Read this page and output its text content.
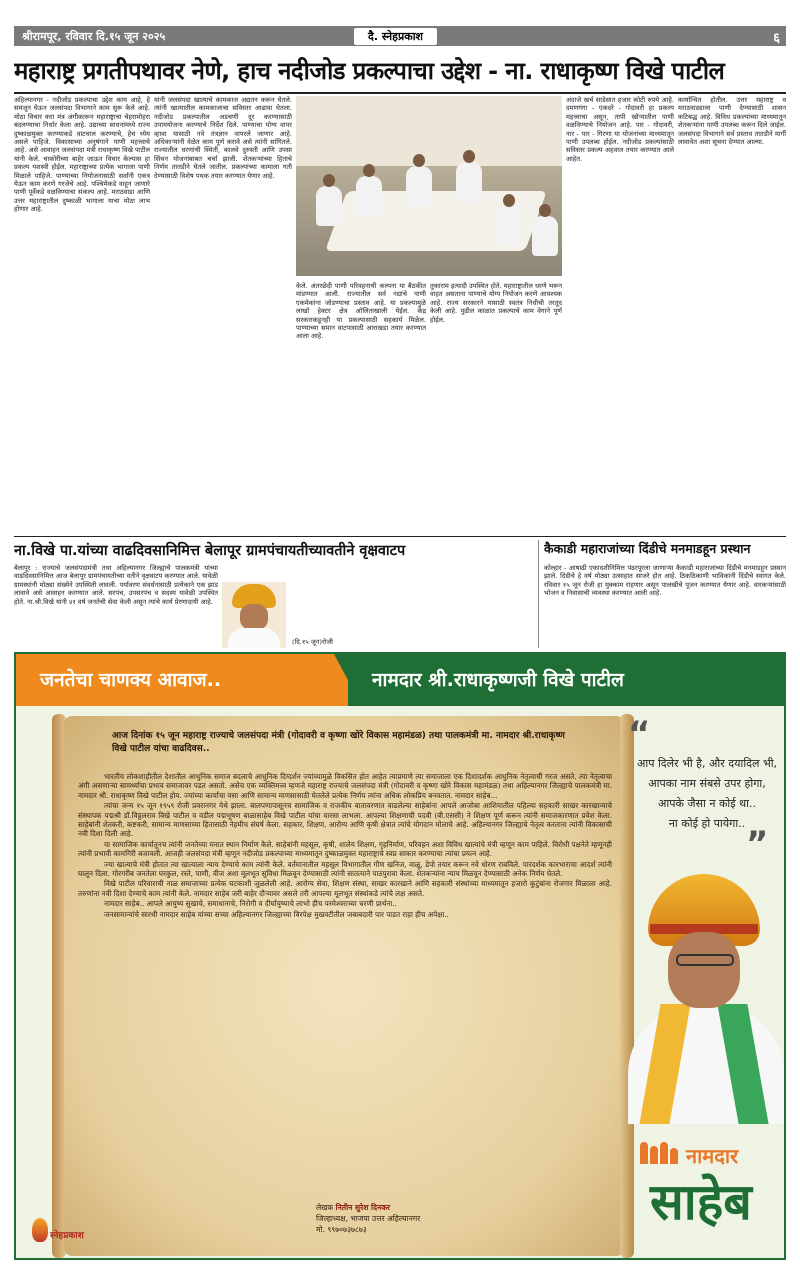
श्रीरामपूर, रविवार दि.१५ जून २०२५	दै. स्नेहप्रकाश	६
महाराष्ट्र प्रगतीपथावर नेणे, हाच नदीजोड प्रकल्पाचा उद्देश - ना. राधाकृष्ण विखे पाटील
अहिल्यानगर - नदीजोड प्रकल्पाचा उद्देश काय आहे, हे समजून घेऊन जलसंपदा विभागाने काम सुरू केले आहे. मोठा विचार करा मंत्र अंगीकारून महाराष्ट्राचा चेहरामोहरा बदलण्याचा निर्धार केला आहे. उद्याच्या साधनांमध्ये राज्य दुष्काळमुक्त करण्याकडे वाटचाल करण्याचे, हेच ध्येय असले पाहिजे. विकासाच्या अनुषंगाने पाणी महत्त्वाचे आहे. असे आवाहन जलसंपदा मंत्री राधाकृष्ण विखे पाटील यांनी केले. चाकोरीच्या बाहेर जाऊन विचार केल्यास हा प्रकल्प यशस्वी होईल. महाराष्ट्राच्या प्रत्येक भागाला पाणी मिळाले पाहिजे. पाण्याच्या नियोजनासाठी सर्वांनी एकत्र येऊन काम करणे गरजेचे आहे. पश्चिमेकडे वाहून जाणारे पाणी पूर्वेकडे वळविण्याचा संकल्प आहे. मराठवाडा आणि उत्तर महाराष्ट्रातील दुष्काळी भागाला याचा मोठा लाभ होणार आहे.
यांनी जलसंपदा खात्याचे कामकाज अद्यतन करून घेतले. त्यांनी खात्यातील कामकाजाचा सविस्तर आढावा घेतला. नदीजोड प्रकल्पातील अडचणी दूर करण्यासाठी उपाययोजना करण्याचे निर्देश दिले. पाण्याचा योग्य वापर व्हावा यासाठी नवे तंत्रज्ञान वापरले जाणार आहे. अधिकाऱ्यांनी वेळेत काम पूर्ण करावे असे त्यांनी सांगितले. राज्यातील धरणांची स्थिती, कालवे दुरुस्ती आणि उपसा सिंचन योजनांबाबत चर्चा झाली. शेतकऱ्यांच्या हिताचे निर्णय तातडीने घेतले जातील. प्रकल्पांच्या कामाला गती देण्यासाठी विशेष पथक तयार करण्यात येणार आहे.
केले. अंतरछेदी पाणी परिवहनाची कल्पना या बैठकीत मांडण्यात आली. राज्यातील सर्व नद्यांचे पाणी एकमेकांना जोडण्याचा प्रस्ताव आहे. या प्रकल्पामुळे लाखो हेक्टर क्षेत्र ओलिताखाली येईल. केंद्र सरकारकडूनही या प्रकल्पासाठी सहकार्य मिळेल. पाण्याच्या समान वाटपासाठी आराखडा तयार करण्यात आला आहे.
तुकाराम इत्यादी उपस्थित होते. महाराष्ट्रातील धरणे भरून वाहत असताना पाण्याचे योग्य नियोजन करणे आवश्यक आहे. राज्य सरकारने यासाठी स्वतंत्र निधीची तरतूद केली आहे. पुढील काळात प्रकल्पाचे काम वेगाने पूर्ण होईल.
अंदाजे खर्च साडेसात हजार कोटी रुपये आहे. दमणगंगा - एकदरे - गोदावरी हा प्रकल्प महत्त्वाचा असून, तापी खोऱ्यातील पाणी वळविण्याचे नियोजन आहे. पार - गोदावरी, नार - पार - गिरणा या योजनांच्या माध्यमातून पाणी उपलब्ध होईल. नदीजोड प्रकल्पांसाठी सविस्तर प्रकल्प अहवाल तयार करण्यात आले आहेत.
कार्यान्वित होतील. उत्तर महाराष्ट्र व मराठवाड्याला पाणी देण्यासाठी शासन कटिबद्ध आहे. विविध प्रकल्पांच्या माध्यमातून शेतकऱ्यांना पाणी उपलब्ध करून दिले जाईल. जलसंपदा विभागाने सर्व प्रस्ताव तातडीने मार्गी लावावेत अशा सूचना देण्यात आल्या.
ना.विखे पा.यांच्या वाढदिवसानिमित्त बेलापूर ग्रामपंचायतीच्यावतीने वृक्षवाटप
बेलापूर : राज्याचे जलसंपदामंत्री तथा अहिल्यानगर जिल्ह्याचे पालकमंत्री यांच्या वाढदिवसानिमित्त आज बेलापूर ग्रामपंचायतीच्या वतीने वृक्षवाटप करण्यात आले. यावेळी ग्रामस्थांनी मोठ्या संख्येने उपस्थिती लावली. पर्यावरण संवर्धनासाठी प्रत्येकाने एक झाड लावावे असे आवाहन करण्यात आले. सरपंच, उपसरपंच व सदस्य यावेळी उपस्थित होते. ना.श्री.विखे यांनी ४१ वर्ष जनतेची सेवा केली असून त्यांचे कार्य प्रेरणादायी आहे.
(दि.१५ जून)रोजी
कैकाडी महाराजांच्या दिंडीचे मनमाडहून प्रस्थान
कोल्हार - आषाढी एकादशीनिमित्त पंढरपूरला जाणाऱ्या कैकाडी महाराजांच्या दिंडीचे मनमाडहून प्रस्थान झाले. दिंडीचे हे वर्ष मोठ्या उत्साहात साजरे होत आहे. ठिकठिकाणी भाविकांनी दिंडीचे स्वागत केले. रविवार १५ जून रोजी हा मुक्काम राहणार असून पालखीचे पूजन करण्यात येणार आहे. वारकऱ्यांसाठी भोजन व निवासाची व्यवस्था करण्यात आली आहे.
जनतेचा चाणक्य आवाज..	नामदार श्री.राधाकृष्णजी विखे पाटील
आज दिनांक १५ जून महाराष्ट्र राज्याचे जलसंपदा मंत्री (गोदावरी व कृष्णा खोरे विकास महामंडळ) तथा पालकमंत्री मा. नामदार श्री.राधाकृष्ण विखे पाटील यांचा वाढदिवस..

भारतीय लोकशाहीतील देशातील आधुनिक समाज बदलाचे आधुनिक दिग्दर्शन ज्यांच्यामुळे विकसित होत आहेत त्याप्रमाणे त्या समाजाला एक दिशादर्शक आधुनिक नेतृत्वाची गरज असते. त्या नेतृत्वाचा अंगी असणाऱ्या सामर्थ्याचा प्रभाव समाजावर पडत असतो. असेच एक व्यक्तिमत्त्व म्हणजे महाराष्ट्र राज्याचे जलसंपदा मंत्री (गोदावरी व कृष्णा खोरे विकास महामंडळ) तथा अहिल्यानगर जिल्ह्याचे पालकमंत्री मा. नामदार श्री. राधाकृष्ण विखे पाटील होय. ज्यांच्या कार्याचा वसा आणि सामान्य माणसासाठी घेतलेले प्रत्येक निर्णय त्यांना अधिक लोकप्रिय बनवतात. नामदार साहेब...

त्यांचा जन्म १५ जून १९५९ रोजी प्रवरानगर येथे झाला. बालपणापासूनच सामाजिक व राजकीय वातावरणात वाढलेल्या साहेबांना आपले आजोबा आशियातील पहिल्या सहकारी साखर कारखान्याचे संस्थापक पद्मश्री डॉ.विठ्ठलराव विखे पाटील व वडील पद्मभूषण बाळासाहेब विखे पाटील यांचा वारसा लाभला. आपल्या शिक्षणाची पदवी (बी.एससी) ने शिक्षण पूर्ण करून त्यांनी समाजकारणात प्रवेश केला. साहेबांनी शेतकरी, कष्टकरी, सामान्य माणसाच्या हितासाठी नेहमीच संघर्ष केला. सहकार, शिक्षण, आरोग्य आणि कृषी क्षेत्रात त्यांचे योगदान मोलाचे आहे. अहिल्यानगर जिल्ह्याचे नेतृत्व करताना त्यांनी विकासाची नवी दिशा दिली आहे.

या सामाजिक कार्यातूनच त्यांनी जनतेच्या मनात स्थान निर्माण केले. साहेबांनी महसूल, कृषी, शालेय शिक्षण, गृहनिर्माण, परिवहन अशा विविध खात्यांचे मंत्री म्हणून काम पाहिले. विरोधी पक्षनेते म्हणूनही त्यांनी प्रभावी कामगिरी बजावली. आजही जलसंपदा मंत्री म्हणून नदीजोड प्रकल्पाच्या माध्यमातून दुष्काळमुक्त महाराष्ट्राचे स्वप्न साकार करण्याचा त्यांचा प्रयत्न आहे.

ज्या खात्याचे मंत्री होतात त्या खात्याला न्याय देण्याचे काम त्यांनी केले. वर्तमानातील महसूल विभागातील गौण खनिज, वाळू, डेपो तयार करून नवे धोरण राबविले. पारदर्शक कारभाराचा आदर्श त्यांनी घालून दिला. गोरगरीब जनतेला घरकुल, रस्ते, पाणी, वीज अशा मूलभूत सुविधा मिळवून देण्यासाठी त्यांनी सातत्याने पाठपुरावा केला. शेतकऱ्यांना न्याय मिळवून देण्यासाठी अनेक निर्णय घेतले.

विखे पाटील परिवाराची नाळ समाजाच्या प्रत्येक घटकाशी जुळलेली आहे. आरोग्य सेवा, शिक्षण संस्था, साखर कारखाने आणि सहकारी संस्थांच्या माध्यमातून हजारो कुटुंबांना रोजगार मिळाला आहे. तरुणांना नवी दिशा देण्याचे काम त्यांनी केले. नामदार साहेब जरी बाहेर दौऱ्यावर असले तरी आपल्या मूलभूत संस्थांकडे त्यांचे लक्ष असते.

नामदार साहेब.. आपले आयुष्य सुखाचे, समाधानाचे, निरोगी व दीर्घायुष्याचे लाभो हीच परमेश्वराच्या चरणी प्रार्थना..

जनसामान्यांचे सारथी नामदार साहेब यांच्या सच्चा अहिल्यानगर जिल्ह्याच्या विरपेक्ष मुखवटीतील जबाबदारी पार पाडत राहा हीच अपेक्षा..

लेखक नितीन सुरेश दिनकर
जिल्हाध्यक्ष, भाजपा उत्तर अहिल्यानगर
मो. ९९७०७३७८७३
स्नेहप्रकाश
“
आप दिलेर भी है, और दयादिल भी,
आपका नाम संबसे उपर होगा,
आपके जैसा न कोई था..
ना कोई हो पायेगा..
”
नामदार
साहेब
